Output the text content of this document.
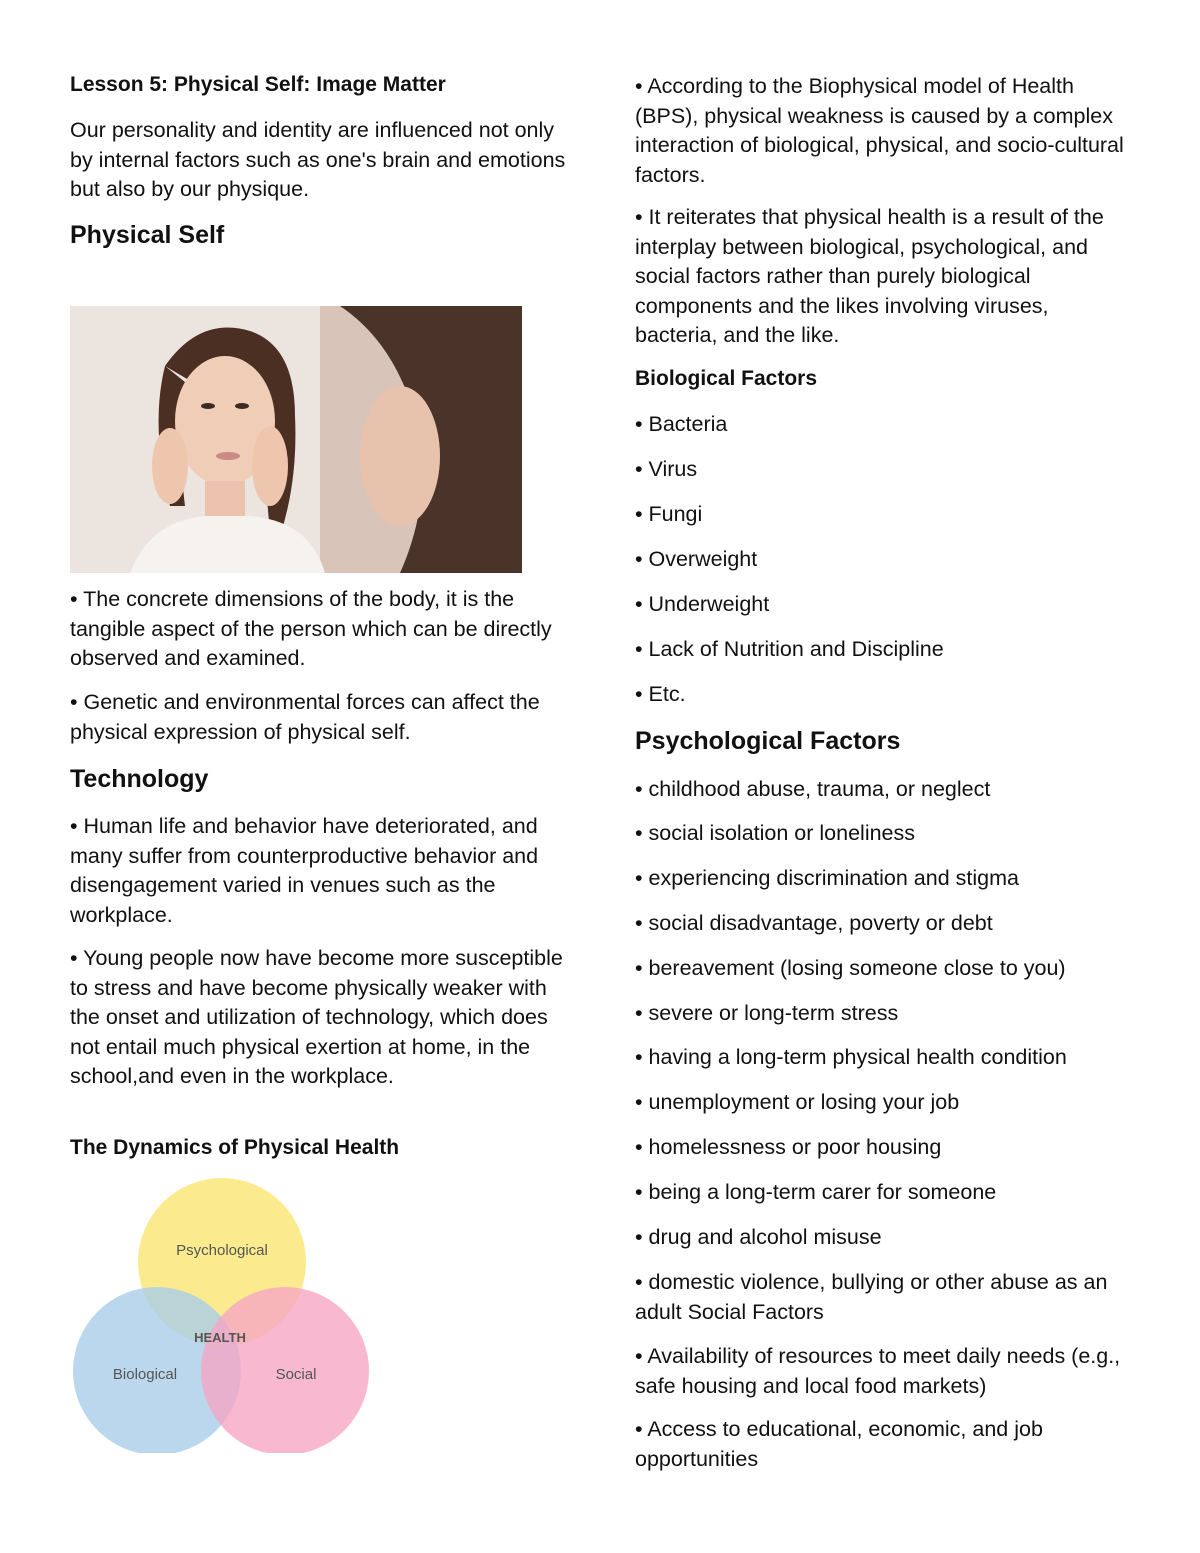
Lesson 5: Physical Self: Image Matter

Our personality and identity are influenced not only by internal factors such as one's brain and emotions but also by our physique.

Physical Self

• The concrete dimensions of the body, it is the tangible aspect of the person which can be directly observed and examined.

• Genetic and environmental forces can affect the physical expression of physical self.

Technology

• Human life and behavior have deteriorated, and many suffer from counterproductive behavior and disengagement varied in venues such as the workplace.

• Young people now have become more susceptible to stress and have become physically weaker with the onset and utilization of technology, which does not entail much physical exertion at home, in the school,and even in the workplace.

The Dynamics of Physical Health
Psychological
Biological	Social
HEALTH

• According to the Biophysical model of Health (BPS), physical weakness is caused by a complex interaction of biological, physical, and socio-cultural factors.

• It reiterates that physical health is a result of the interplay between biological, psychological, and social factors rather than purely biological components and the likes involving viruses, bacteria, and the like.

Biological Factors

• Bacteria

• Virus

• Fungi

• Overweight

• Underweight

• Lack of Nutrition and Discipline

• Etc.

Psychological Factors

• childhood abuse, trauma, or neglect

• social isolation or loneliness

• experiencing discrimination and stigma

• social disadvantage, poverty or debt

• bereavement (losing someone close to you)

• severe or long-term stress

• having a long-term physical health condition

• unemployment or losing your job

• homelessness or poor housing

• being a long-term carer for someone

• drug and alcohol misuse

• domestic violence, bullying or other abuse as an adult Social Factors

• Availability of resources to meet daily needs (e.g., safe housing and local food markets)

• Access to educational, economic, and job opportunities
